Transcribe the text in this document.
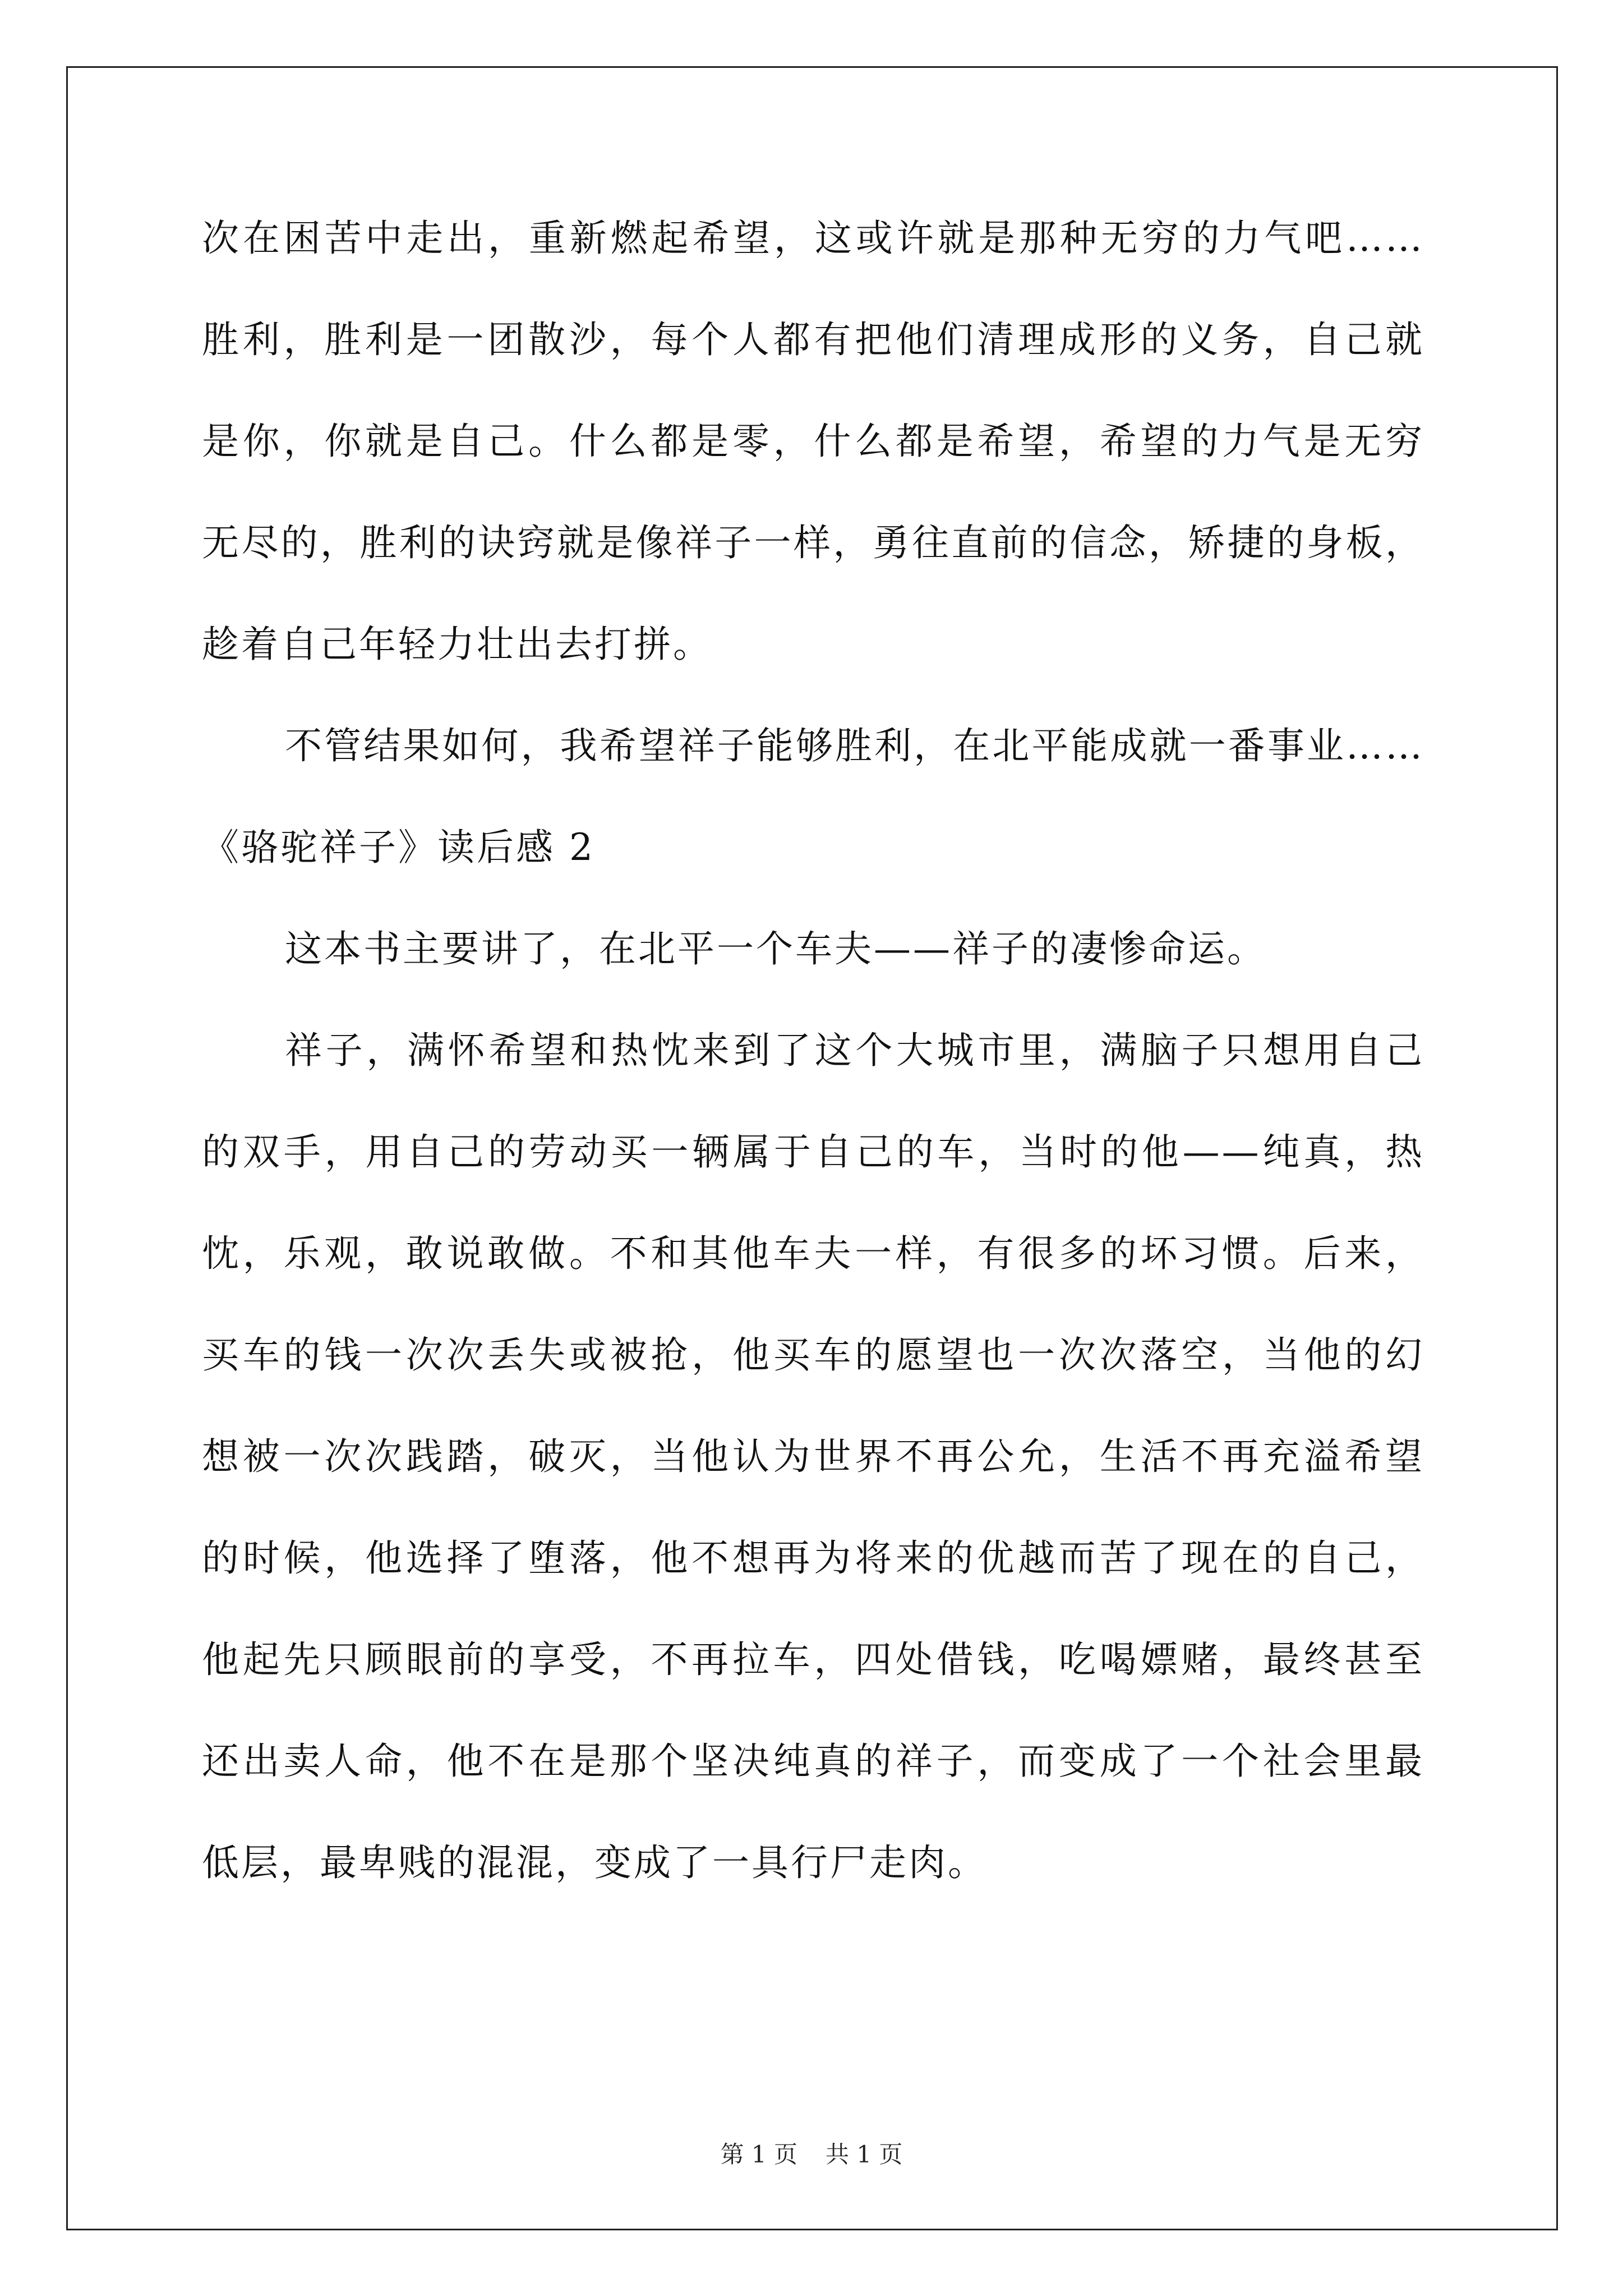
次在困苦中走出，重新燃起希望，这或许就是那种无穷的力气吧……
胜利，胜利是一团散沙，每个人都有把他们清理成形的义务，自己就
是你，你就是自己。什么都是零，什么都是希望，希望的力气是无穷
无尽的，胜利的诀窍就是像祥子一样，勇往直前的信念，矫捷的身板，
趁着自己年轻力壮出去打拼。
不管结果如何，我希望祥子能够胜利，在北平能成就一番事业……
《骆驼祥子》读后感 2
这本书主要讲了，在北平一个车夫——祥子的凄惨命运。
祥子，满怀希望和热忱来到了这个大城市里，满脑子只想用自己
的双手，用自己的劳动买一辆属于自己的车，当时的他——纯真，热
忱，乐观，敢说敢做。不和其他车夫一样，有很多的坏习惯。后来，
买车的钱一次次丢失或被抢，他买车的愿望也一次次落空，当他的幻
想被一次次践踏，破灭，当他认为世界不再公允，生活不再充溢希望
的时候，他选择了堕落，他不想再为将来的优越而苦了现在的自己，
他起先只顾眼前的享受，不再拉车，四处借钱，吃喝嫖赌，最终甚至
还出卖人命，他不在是那个坚决纯真的祥子，而变成了一个社会里最
低层，最卑贱的混混，变成了一具行尸走肉。
第 1 页 共 1 页
